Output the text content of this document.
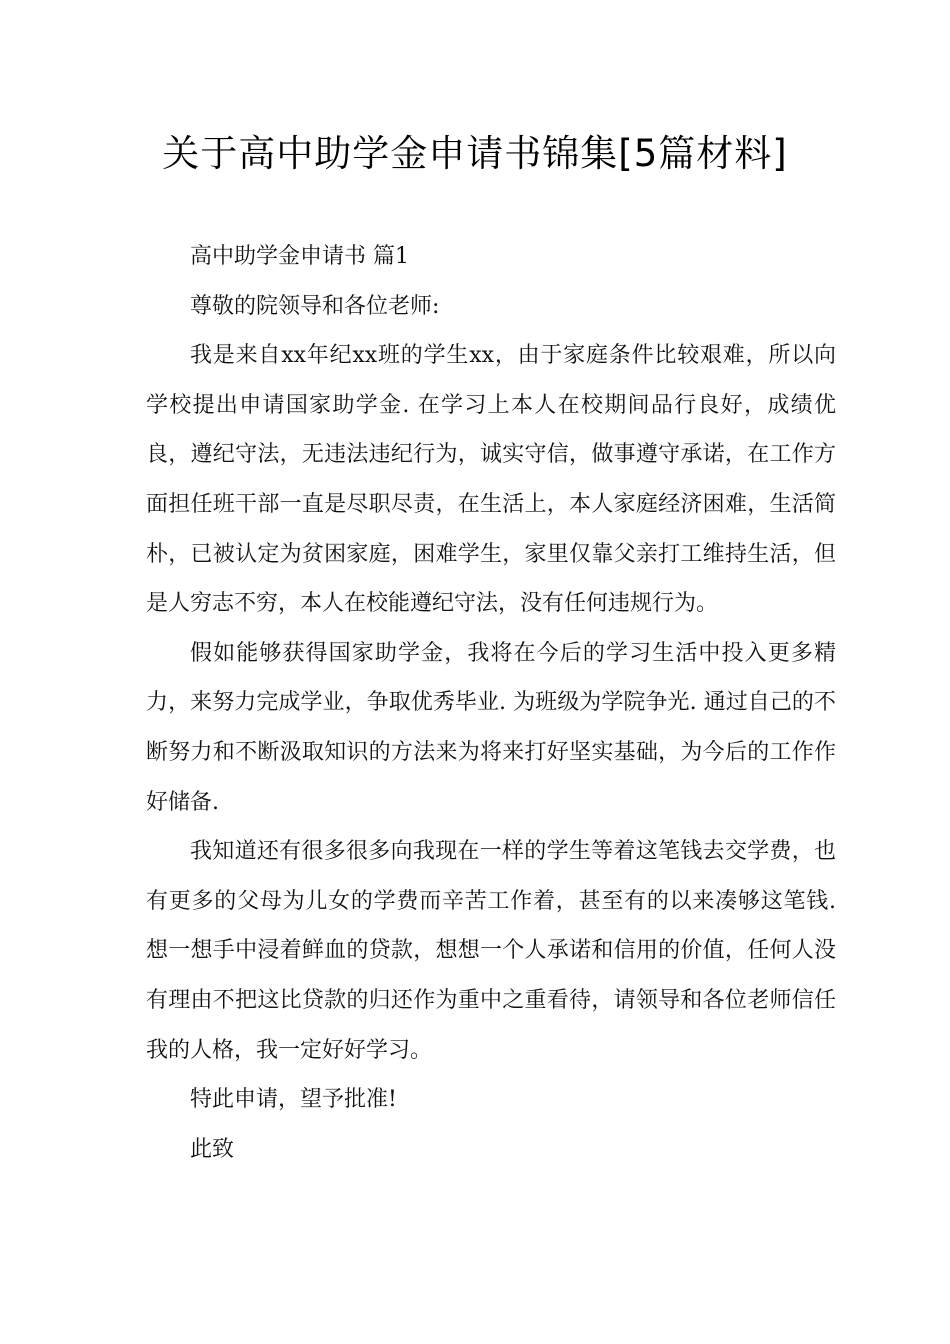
关于高中助学金申请书锦集[5篇材料]

高中助学金申请书 篇1

尊敬的院领导和各位老师:

我是来自xx年纪xx班的学生xx，由于家庭条件比较艰难，所以向学校提出申请国家助学金. 在学习上本人在校期间品行良好，成绩优良，遵纪守法，无违法违纪行为，诚实守信，做事遵守承诺，在工作方面担任班干部一直是尽职尽责，在生活上，本人家庭经济困难，生活简朴，已被认定为贫困家庭，困难学生，家里仅靠父亲打工维持生活，但是人穷志不穷，本人在校能遵纪守法，没有任何违规行为。

假如能够获得国家助学金，我将在今后的学习生活中投入更多精力，来努力完成学业，争取优秀毕业. 为班级为学院争光. 通过自己的不断努力和不断汲取知识的方法来为将来打好坚实基础，为今后的工作作好储备.

我知道还有很多很多向我现在一样的学生等着这笔钱去交学费，也有更多的父母为儿女的学费而辛苦工作着，甚至有的以来凑够这笔钱. 想一想手中浸着鲜血的贷款，想想一个人承诺和信用的价值，任何人没有理由不把这比贷款的归还作为重中之重看待，请领导和各位老师信任我的人格，我一定好好学习。

特此申请，望予批准!

此致
